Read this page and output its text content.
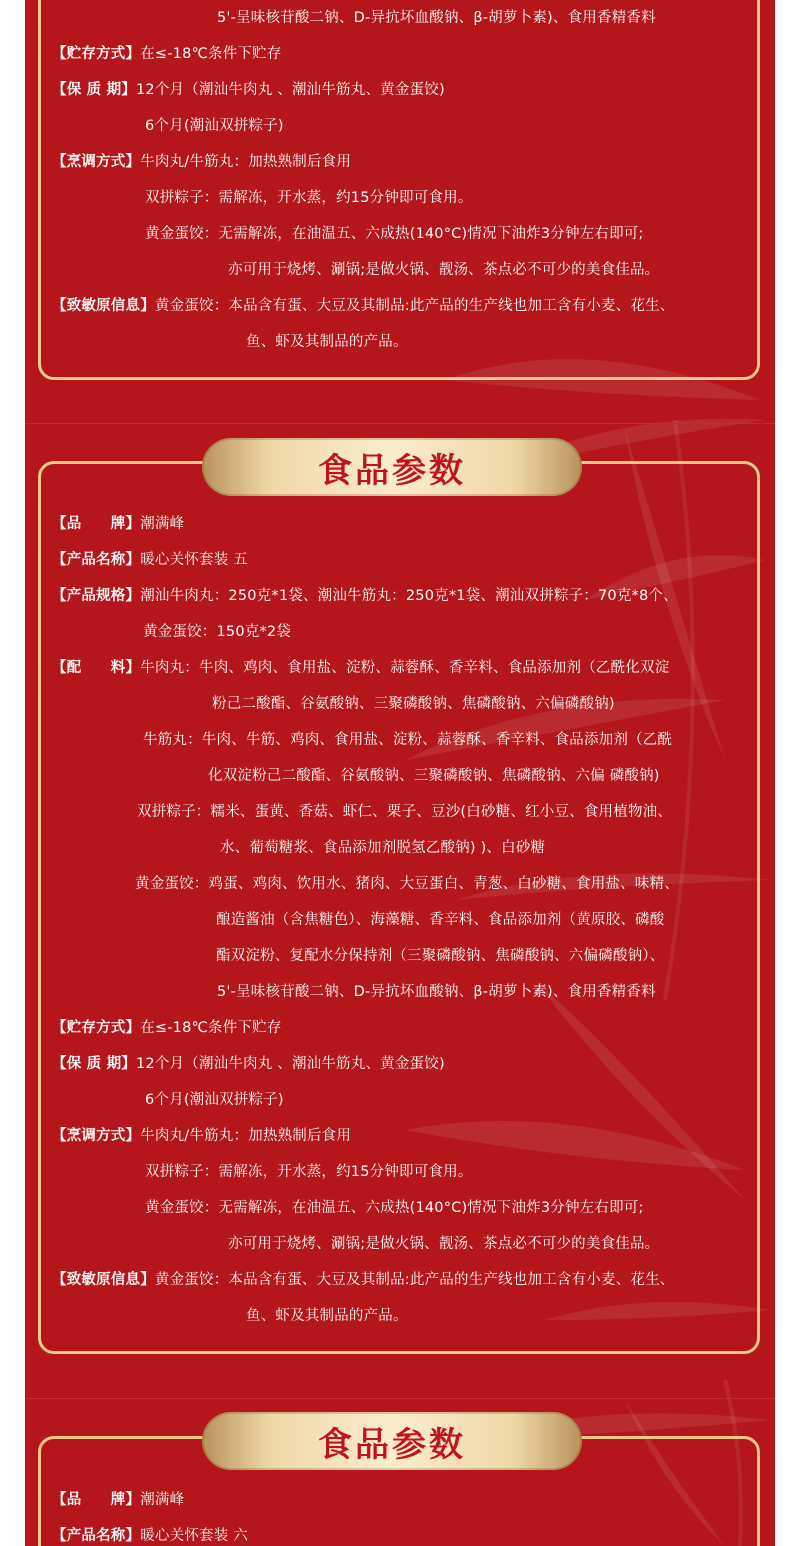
5'-呈味核苷酸二钠、D-异抗坏血酸钠、β-胡萝卜素)、食用香精香料
【贮存方式】 在≤-18℃条件下贮存
【保 质 期】 12个月（潮汕牛肉丸 、潮汕牛筋丸、黄金蛋饺)
6个月(潮汕双拼粽子)
【烹调方式】 牛肉丸/牛筋丸：加热熟制后食用
双拼粽子：需解冻，开水蒸，约15分钟即可食用。
黄金蛋饺：无需解冻，在油温五、六成热(140°C)情况下油炸3分钟左右即可;
亦可用于烧烤、涮锅;是做火锅、靓汤、茶点必不可少的美食佳品。
【致敏原信息】 黄金蛋饺：本品含有蛋、大豆及其制品:此产品的生产线也加工含有小麦、花生、
鱼、虾及其制品的产品。
食品参数
【品　　牌】 潮满峰
【产品名称】 暖心关怀套装 五
【产品规格】 潮汕牛肉丸：250克*1袋、潮汕牛筋丸：250克*1袋、潮汕双拼粽子：70克*8个、
黄金蛋饺：150克*2袋
【配　　料】 牛肉丸：牛肉、鸡肉、食用盐、淀粉、蒜蓉酥、香辛料、食品添加剂（乙酰化双淀
粉己二酸酯、谷氨酸钠、三聚磷酸钠、焦磷酸钠、六偏磷酸钠)
牛筋丸：牛肉、牛筋、鸡肉、食用盐、淀粉、蒜蓉酥、香辛料、食品添加剂（乙酰
化双淀粉己二酸酯、谷氨酸钠、三聚磷酸钠、焦磷酸钠、六偏 磷酸钠)
双拼粽子：糯米、蛋黄、香菇、虾仁、栗子、豆沙(白砂糖、红小豆、食用植物油、
水、葡萄糖浆、食品添加剂脱氢乙酸钠) )、白砂糖
黄金蛋饺：鸡蛋、鸡肉、饮用水、猪肉、大豆蛋白、青葱、白砂糖、食用盐、味精、
酿造酱油（含焦糖色）、海藻糖、香辛料、食品添加剂（黄原胶、磷酸
酯双淀粉、复配水分保持剂（三聚磷酸钠、焦磷酸钠、六偏磷酸钠）、
5'-呈味核苷酸二钠、D-异抗坏血酸钠、β-胡萝卜素)、食用香精香料
【贮存方式】 在≤-18℃条件下贮存
【保 质 期】 12个月（潮汕牛肉丸 、潮汕牛筋丸、黄金蛋饺)
6个月(潮汕双拼粽子)
【烹调方式】 牛肉丸/牛筋丸：加热熟制后食用
双拼粽子：需解冻，开水蒸，约15分钟即可食用。
黄金蛋饺：无需解冻，在油温五、六成热(140°C)情况下油炸3分钟左右即可;
亦可用于烧烤、涮锅;是做火锅、靓汤、茶点必不可少的美食佳品。
【致敏原信息】 黄金蛋饺：本品含有蛋、大豆及其制品:此产品的生产线也加工含有小麦、花生、
鱼、虾及其制品的产品。
食品参数
【品　　牌】 潮满峰
【产品名称】 暖心关怀套装 六
